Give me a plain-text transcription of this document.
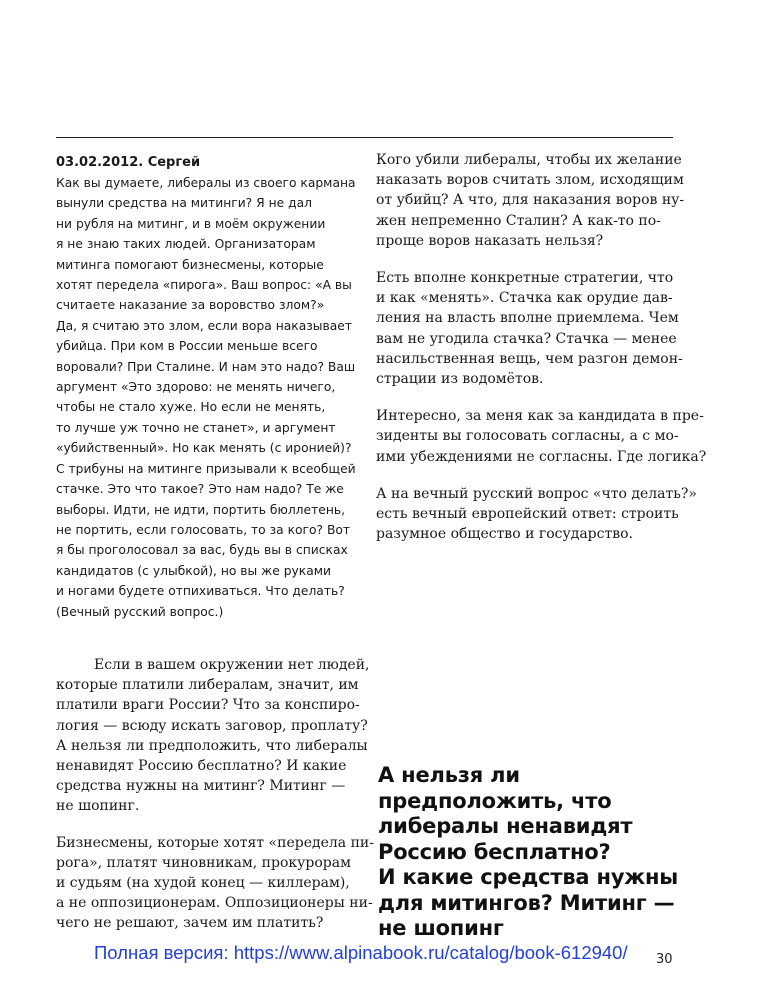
03.02.2012. Сергей

Как вы думаете, либералы из своего кармана

вынули средства на митинги? Я не дал

ни рубля на митинг, и в моём окружении

я не знаю таких людей. Организаторам

митинга помогают бизнесмены, которые

хотят передела «пирога». Ваш вопрос: «А вы

считаете наказание за воровство злом?»

Да, я считаю это злом, если вора наказывает

убийца. При ком в России меньше всего

воровали? При Сталине. И нам это надо? Ваш

аргумент «Это здорово: не менять ничего,

чтобы не стало хуже. Но если не менять,

то лучше уж точно не станет», и аргумент

«убийственный». Но как менять (с иронией)?

С трибуны на митинге призывали к всеобщей

стачке. Это что такое? Это нам надо? Те же

выборы. Идти, не идти, портить бюллетень,

не портить, если голосовать, то за кого? Вот

я бы проголосовал за вас, будь вы в списках

кандидатов (с улыбкой), но вы же руками

и ногами будете отпихиваться. Что делать?

(Вечный русский вопрос.)

Если в вашем окружении нет людей,

которые платили либералам, значит, им

платили враги России? Что за конспиро-

логия — всюду искать заговор, проплату?

А нельзя ли предположить, что либералы

ненавидят Россию бесплатно? И какие

средства нужны на митинг? Митинг —

не шопинг.

Бизнесмены, которые хотят «передела пи-

рога», платят чиновникам, прокурорам

и судьям (на худой конец — киллерам),

а не оппозиционерам. Оппозиционеры ни-

чего не решают, зачем им платить?

Кого убили либералы, чтобы их желание

наказать воров считать злом, исходящим

от убийц? А что, для наказания воров ну-

жен непременно Сталин? А как-то по-

проще воров наказать нельзя?

Есть вполне конкретные стратегии, что

и как «менять». Стачка как орудие дав-

ления на власть вполне приемлема. Чем

вам не угодила стачка? Стачка — менее

насильственная вещь, чем разгон демон-

страции из водомётов.

Интересно, за меня как за кандидата в пре-

зиденты вы голосовать согласны, а с мо-

ими убеждениями не согласны. Где логика?

А на вечный русский вопрос «что делать?»

есть вечный европейский ответ: строить

разумное общество и государство.

А нельзя ли

предположить, что

либералы ненавидят

Россию бесплатно?

И какие средства нужны

для митингов? Митинг —

не шопинг

Полная версия: https://www.alpinabook.ru/catalog/book-612940/ 30
